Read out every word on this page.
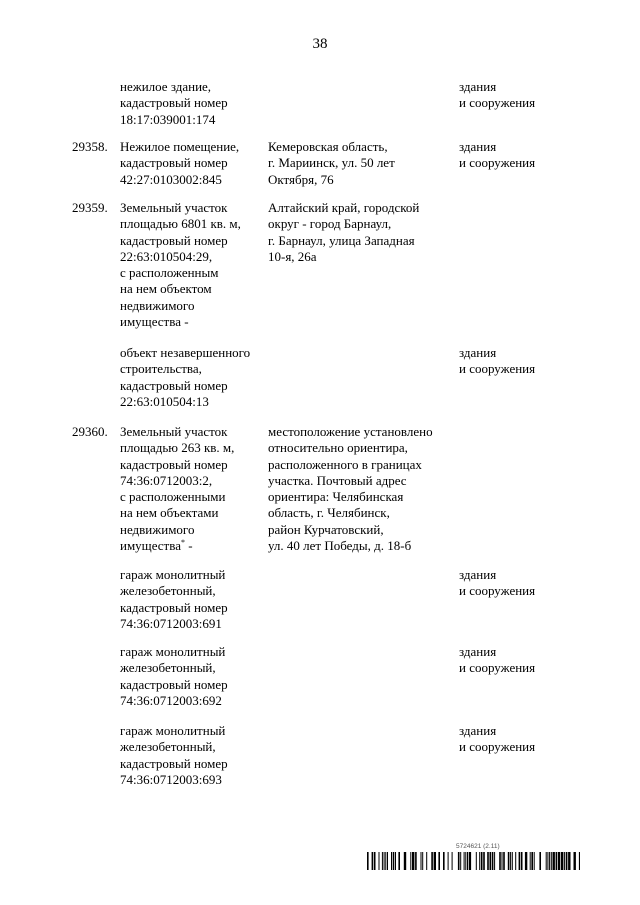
38
нежилое здание,
кадастровый номер
18:17:039001:174
здания
и сооружения
29358. Нежилое помещение,
кадастровый номер
42:27:0103002:845
Кемеровская область,
г. Мариинск, ул. 50 лет
Октября, 76
здания
и сооружения
29359. Земельный участок
площадью 6801 кв. м,
кадастровый номер
22:63:010504:29,
с расположенным
на нем объектом
недвижимого
имущества -
Алтайский край, городской
округ - город Барнаул,
г. Барнаул, улица Западная
10-я, 26а
объект незавершенного
строительства,
кадастровый номер
22:63:010504:13
здания
и сооружения
29360. Земельный участок
площадью 263 кв. м,
кадастровый номер
74:36:0712003:2,
с расположенными
на нем объектами
недвижимого
имущества* -
местоположение установлено
относительно ориентира,
расположенного в границах
участка. Почтовый адрес
ориентира: Челябинская
область, г. Челябинск,
район Курчатовский,
ул. 40 лет Победы, д. 18-б
гараж монолитный
железобетонный,
кадастровый номер
74:36:0712003:691
здания
и сооружения
гараж монолитный
железобетонный,
кадастровый номер
74:36:0712003:692
здания
и сооружения
гараж монолитный
железобетонный,
кадастровый номер
74:36:0712003:693
здания
и сооружения
5724621 (2.11)
